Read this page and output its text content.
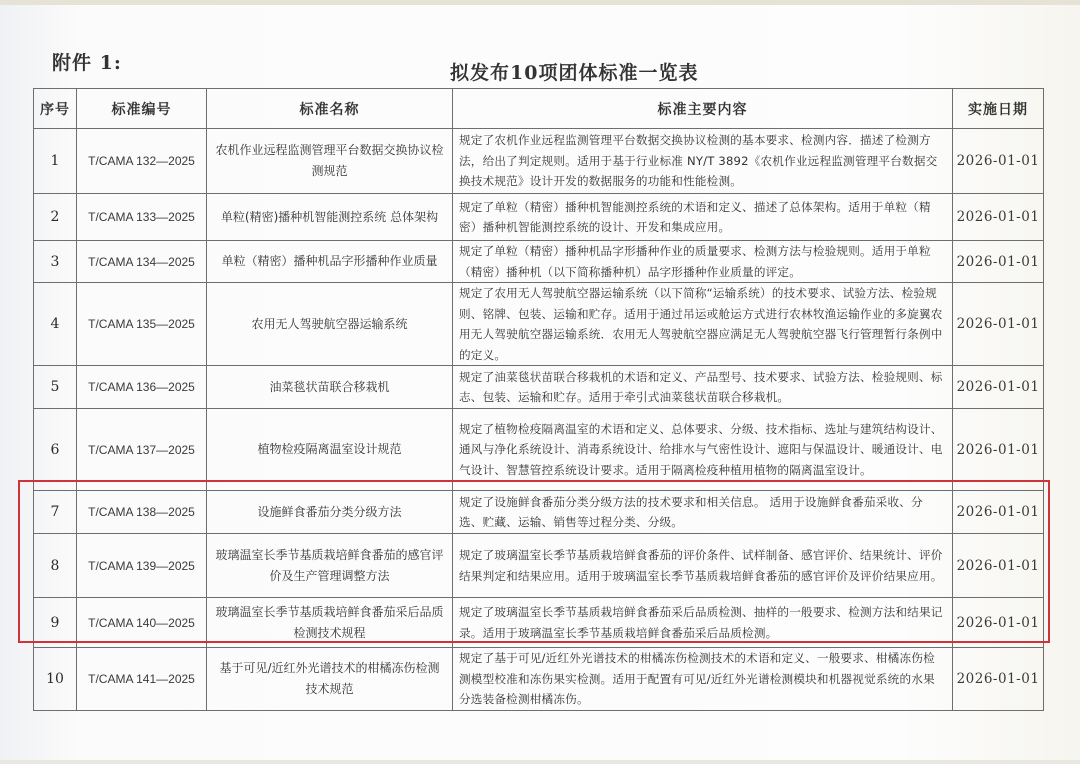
附件 1:	拟发布10项团体标准一览表
序号	标准编号	标准名称	标准主要内容	实施日期
1	T/CAMA 132—2025	农机作业远程监测管理平台数据交换协议检测规范	规定了农机作业远程监测管理平台数据交换协议检测的基本要求、检测内容．描述了检测方法，给出了判定规则。适用于基于行业标准 NY/T 3892《农机作业远程监测管理平台数据交换技术规范》设计开发的数据服务的功能和性能检测。	2026-01-01
2	T/CAMA 133—2025	单粒(精密)播种机智能测控系统 总体架构	规定了单粒（精密）播种机智能测控系统的术语和定义、描述了总体架构。适用于单粒（精密）播种机智能测控系统的设计、开发和集成应用。	2026-01-01
3	T/CAMA 134—2025	单粒（精密）播种机品字形播种作业质量	规定了单粒（精密）播种机品字形播种作业的质量要求、检测方法与检验规则。适用于单粒（精密）播种机（以下简称播种机）品字形播种作业质量的评定。	2026-01-01
4	T/CAMA 135—2025	农用无人驾驶航空器运输系统	规定了农用无人驾驶航空器运输系统（以下简称“运输系统）的技术要求、试验方法、检验规则、铭牌、包装、运输和贮存。适用于通过吊运或舱运方式进行农林牧渔运输作业的多旋翼农用无人驾驶航空器运输系统．农用无人驾驶航空器应满足无人驾驶航空器飞行管理暂行条例中的定义。	2026-01-01
5	T/CAMA 136—2025	油菜毯状苗联合移栽机	规定了油菜毯状苗联合移栽机的术语和定义、产品型号、技术要求、试验方法、检验规则、标志、包装、运输和贮存。适用于牵引式油菜毯状苗联合移栽机。	2026-01-01
6	T/CAMA 137—2025	植物检疫隔离温室设计规范	规定了植物检疫隔离温室的术语和定义、总体要求、分级、技术指标、选址与建筑结构设计、通风与净化系统设计、消毒系统设计、给排水与气密性设计、遮阳与保温设计、暖通设计、电气设计、智慧管控系统设计要求。适用于隔离检疫种植用植物的隔离温室设计。	2026-01-01
7	T/CAMA 138—2025	设施鲜食番茄分类分级方法	规定了设施鲜食番茄分类分级方法的技术要求和相关信息。 适用于设施鲜食番茄采收、分选、贮藏、运输、销售等过程分类、分级。	2026-01-01
8	T/CAMA 139—2025	玻璃温室长季节基质栽培鲜食番茄的感官评价及生产管理调整方法	规定了玻璃温室长季节基质栽培鲜食番茄的评价条件、试样制备、感官评价、结果统计、评价结果判定和结果应用。适用于玻璃温室长季节基质栽培鲜食番茄的感官评价及评价结果应用。	2026-01-01
9	T/CAMA 140—2025	玻璃温室长季节基质栽培鲜食番茄采后品质检测技术规程	规定了玻璃温室长季节基质栽培鲜食番茄采后品质检测、抽样的一般要求、检测方法和结果记录。适用于玻璃温室长季节基质栽培鲜食番茄采后品质检测。	2026-01-01
10	T/CAMA 141—2025	基于可见/近红外光谱技术的柑橘冻伤检测技术规范	规定了基于可见/近红外光谱技术的柑橘冻伤检测技术的术语和定义、一般要求、柑橘冻伤检测模型校准和冻伤果实检测。适用于配置有可见/近红外光谱检测模块和机器视觉系统的水果分选装备检测柑橘冻伤。	2026-01-01
